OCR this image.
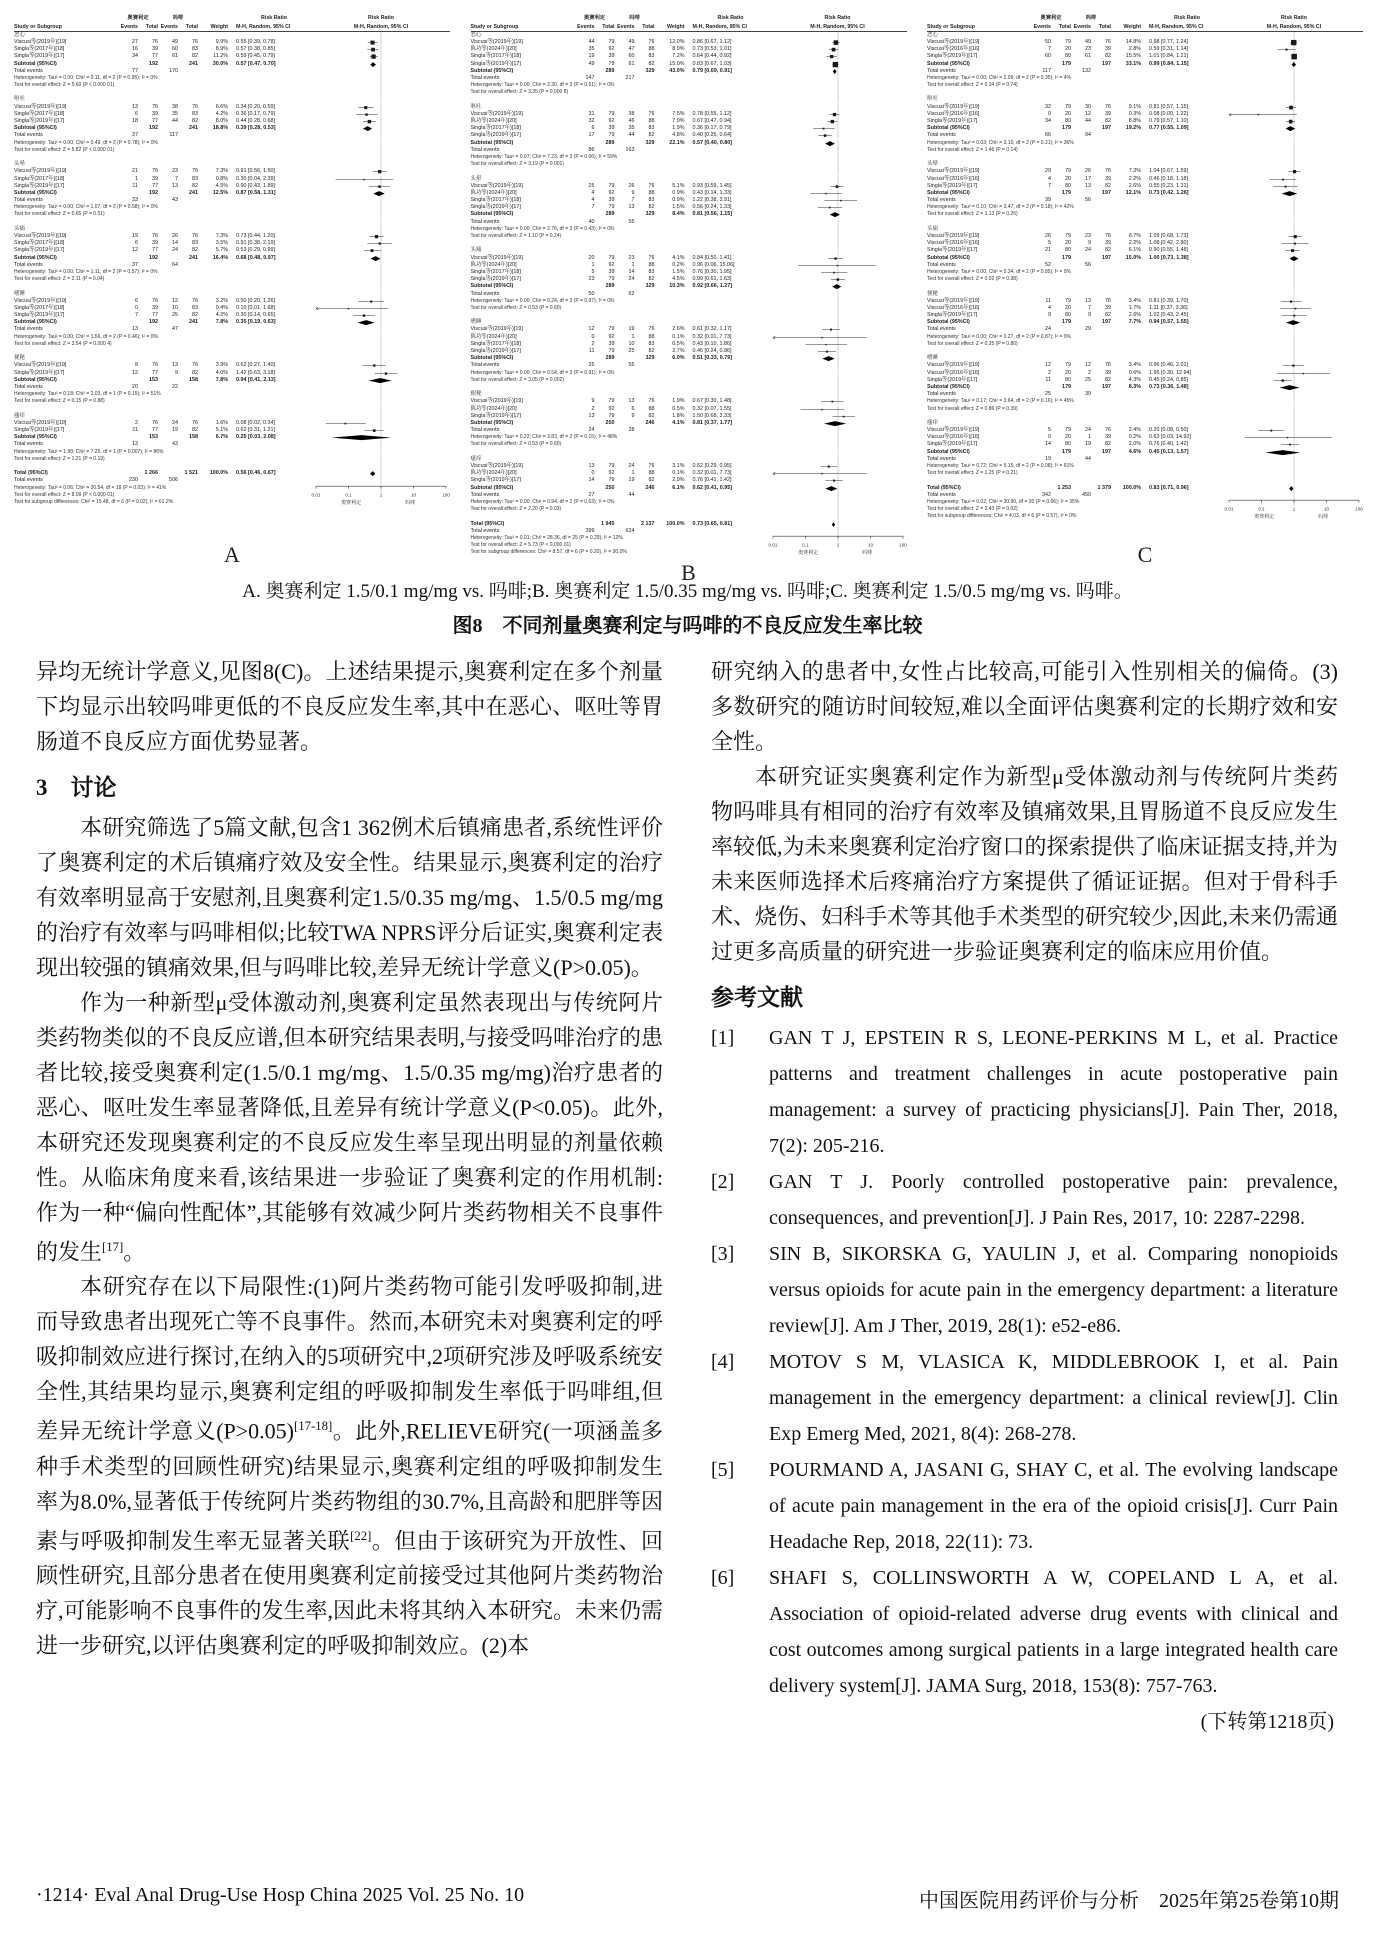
奥赛利定	吗啡	Risk Ratio	Risk Ratio
Study or Subgroup	Events	Total Events	Total	Weight	M-H, Random, 95% CI	M-H, Random, 95% CI
恶心
Viscusi等(2019年)[19]	27	76	49	76	9.9%	0.55 [0.39, 0.78]
Singla等(2017年)[18]	16	39	60	83	8.9%	0.57 [0.38, 0.85]
Singla等(2019年)[17]	34	77	61	82	11.2%	0.59 [0.45, 0.79]
Subtotal (95%CI)	192	241	30.0%	0.57 [0.47, 0.70]
Total events	77	170
Heterogeneity: Tau² = 0.00; Chi² = 0.11, df = 2 (P = 0.95); I² = 0%
Test for overall effect: Z = 5.60 (P < 0.000 01)
呕吐
Viscusi等(2019年)[19]	13	76	38	76	6.6%	0.34 [0.20, 0.59]
Singla等(2017年)[18]	6	39	35	83	4.2%	0.36 [0.17, 0.79]
Singla等(2019年)[17]	18	77	44	82	8.0%	0.44 [0.28, 0.68]
Subtotal (95%CI)	192	241	18.8%	0.39 [0.28, 0.53]
Total events	37	117
Heterogeneity: Tau² = 0.00; Chi² = 0.49, df = 2 (P = 0.78); I² = 0%
Test for overall effect: Z = 5.82 (P < 0.000 01)
头晕
Viscusi等(2019年)[19]	21	76	23	76	7.3%	0.91 [0.56, 1.50]
Singla等(2017年)[18]	1	39	7	83	0.8%	0.30 [0.04, 2.39]
Singla等(2019年)[17]	11	77	13	82	4.5%	0.90 [0.43, 1.89]
Subtotal (95%CI)	192	241	12.5%	0.87 [0.58, 1.31]
Total events	33	43
Heterogeneity: Tau² = 0.00; Chi² = 1.07, df = 2 (P = 0.58); I² = 0%
Test for overall effect: Z = 0.65 (P = 0.51)
头痛
Viscusi等(2019年)[19]	19	76	26	76	7.3%	0.73 [0.44, 1.20]
Singla等(2017年)[18]	6	39	14	83	3.5%	0.91 [0.38, 2.19]
Singla等(2019年)[17]	12	77	24	82	5.7%	0.53 [0.29, 0.99]
Subtotal (95%CI)	192	241	16.4%	0.68 [0.48, 0.97]
Total events	37	64
Heterogeneity: Tau² = 0.00; Chi² = 1.11, df = 2 (P = 0.57); I² = 0%
Test for overall effect: Z = 2.11 (P = 0.04)
嗜睡
Viscusi等(2019年)[19]	6	76	12	76	3.2%	0.50 [0.20, 1.26]
Singla等(2017年)[18]	0	39	10	83	0.4%	0.10 [0.01, 1.68]
Singla等(2019年)[17]	7	77	25	82	4.2%	0.30 [0.14, 0.65]
Subtotal (95%CI)	192	241	7.8%	0.35 [0.19, 0.63]
Total events	13	47
Heterogeneity: Tau² = 0.00; Chi² = 1.56, df = 2 (P = 0.46); I² = 0%
Test for overall effect: Z = 3.54 (P = 0.000 4)
便秘
Viscusi等(2019年)[19]	8	76	13	76	3.9%	0.62 [0.27, 1.40]
Singla等(2019年)[17]	12	77	9	82	4.0%	1.42 [0.63, 3.18]
Subtotal (95%CI)	153	158	7.8%	0.94 [0.41, 2.13]
Total events	20	22
Heterogeneity: Tau² = 0.18; Chi² = 2.03, df = 1 (P = 0.15); I² = 51%
Test for overall effect: Z = 0.15 (P = 0.88)
瘙痒
Viscusi等(2019年)[19]	2	76	24	76	1.6%	0.08 [0.02, 0.34]
Singla等(2019年)[17]	11	77	19	82	5.1%	0.62 [0.31, 1.21]
Subtotal (95%CI)	153	158	6.7%	0.25 [0.03, 2.08]
Total events	13	43
Heterogeneity: Tau² = 1.98; Chi² = 7.25, df = 1 (P = 0.007); I² = 86%
Test for overall effect: Z = 1.21 (P = 0.19)
Total (95%CI)	1 266	1 521	100.0%	0.56 [0.46, 0.67]
Total events	230	506
Heterogeneity: Tau² = 0.06; Chi² = 30.54, df = 18 (P = 0.03); I² = 41%
Test for overall effect: Z = 8.09 (P < 0.000 01)	0.01	0.1	1	10	100
Test for subgroup differences: Chi² = 15.48, df = 6 (P = 0.02), I² = 61.2%	奥赛利定	吗啡
A
奥赛利定	吗啡	Risk Ratio	Risk Ratio
Study or Subgroup	Events	Total Events	Total	Weight	M-H, Random, 95% CI	M-H, Random, 95% CI
恶心
Viscusi等(2019年)[19]	44	79	49	76	12.0%	0.86 [0.67, 1.12]
陈功等(2024年)[20]	35	92	47	88	8.9%	0.73 [0.53, 1.01]
Singla等(2017年)[18]	19	39	60	83	7.2%	0.64 [0.44, 0.92]
Singla等(2019年)[17]	49	79	61	82	15.0%	0.83 [0.67, 1.03]
Subtotal (95%CI)	289	329	43.0%	0.79 [0.69, 0.91]
Total events	147	217
Heterogeneity: Tau² = 0.00; Chi² = 2.30, df = 3 (P = 0.51); I² = 0%
Test for overall effect: Z = 3.35 (P = 0.000 8)
呕吐
Viscusi等(2019年)[19]	31	79	38	76	7.5%	0.78 [0.55, 1.12]
陈功等(2024年)[20]	32	92	46	88	7.9%	0.67 [0.47, 0.94]
Singla等(2017年)[18]	6	39	35	83	1.9%	0.36 [0.17, 0.79]
Singla等(2019年)[17]	17	79	44	82	4.8%	0.40 [0.25, 0.64]
Subtotal (95%CI)	289	329	22.1%	0.57 [0.40, 0.80]
Total events	86	163
Heterogeneity: Tau² = 0.07; Chi² = 7.23, df = 3 (P = 0.06); I² = 59%
Test for overall effect: Z = 3.19 (P = 0.001)
头晕
Viscusi等(2019年)[19]	25	79	26	76	5.1%	0.93 [0.59, 1.45]
陈功等(2024年)[20]	4	92	9	88	0.9%	0.43 [0.14, 1.33]
Singla等(2017年)[18]	4	39	7	83	0.9%	1.22 [0.38, 3.91]
Singla等(2019年)[17]	7	79	13	82	1.5%	0.56 [0.24, 1.33]
Subtotal (95%CI)	289	329	8.4%	0.81 [0.56, 1.15]
Total events	40	55
Heterogeneity: Tau² = 0.00; Chi² = 2.76, df = 3 (P = 0.43); I² = 0%
Test for overall effect: Z = 1.10 (P = 0.24)
头痛
Viscusi等(2019年)[19]	20	79	23	76	4.1%	0.84 [0.50, 1.41]
陈功等(2024年)[20]	1	92	1	88	0.2%	0.96 [0.06, 15.06]
Singla等(2017年)[18]	5	39	14	83	1.5%	0.76 [0.30, 1.95]
Singla等(2019年)[17]	23	79	24	82	4.5%	0.99 [0.61, 1.63]
Subtotal (95%CI)	289	329	10.3%	0.92 [0.66, 1.27]
Total events	50	62
Heterogeneity: Tau² = 0.00; Chi² = 0.24, df = 3 (P = 0.97); I² = 0%
Test for overall effect: Z = 0.53 (P = 0.60)
嗜睡
Viscusi等(2019年)[19]	12	79	19	76	2.6%	0.61 [0.32, 1.17]
陈功等(2024年)[20]	0	92	1	88	0.1%	0.32 [0.01, 7.73]
Singla等(2017年)[18]	2	39	10	83	0.5%	0.43 [0.10, 1.86]
Singla等(2019年)[17]	11	79	25	82	2.7%	0.46 [0.24, 0.86]
Subtotal (95%CI)	289	329	6.0%	0.51 [0.33, 0.79]
Total events	25	55
Heterogeneity: Tau² = 0.00; Chi² = 0.54, df = 3 (P = 0.91); I² = 0%
Test for overall effect: Z = 3.05 (P = 0.002)
便秘
Viscusi等(2019年)[19]	9	79	13	76	1.9%	0.67 [0.30, 1.48]
陈功等(2024年)[20]	2	92	6	88	0.5%	0.32 [0.07, 1.55]
Singla等(2019年)[17]	13	79	9	82	1.8%	1.50 [0.68, 3.33]
Subtotal (95%CI)	250	246	4.1%	0.81 [0.37, 1.77]
Total events	24	28
Heterogeneity: Tau² = 0.22; Chi² = 3.83, df = 2 (P = 0.15); I² = 48%
Test for overall effect: Z = 0.53 (P = 0.60)
瘙痒
Viscusi等(2019年)[19]	13	79	24	76	3.1%	0.52 [0.29, 0.95]
陈功等(2024年)[20]	0	92	1	88	0.1%	0.32 [0.01, 7.73]
Singla等(2019年)[17]	14	79	19	82	2.9%	0.76 [0.41, 1.42]
Subtotal (95%CI)	250	246	6.1%	0.62 [0.41, 0.95]
Total events	27	44
Heterogeneity: Tau² = 0.00; Chi² = 0.94, df = 2 (P = 0.63); I² = 0%
Test for overall effect: Z = 2.20 (P = 0.03)
Total (95%CI)	1 945	2 137	100.0%	0.73 [0.65, 0.81]
Total events	399	624
Heterogeneity: Tau² = 0.01; Chi² = 28.36, df = 25 (P = 0.29); I² = 12%
Test for overall effect: Z = 5.73 (P < 0.000 01)	0.01	0.1	1	10	100
Test for subgroup differences: Chi² = 8.57, df = 6 (P = 0.20), I² = 30.0%	奥赛利定	吗啡
B
奥赛利定	吗啡	Risk Ratio	Risk Ratio
Study or Subgroup	Events	Total Events	Total	Weight	M-H, Random, 95% CI	M-H, Random, 95% CI
恶心
Viscusi等(2019年)[19]	50	79	49	76	14.8%	0.98 [0.77, 1.24]
Viscusi等(2016年)[16]	7	20	23	39	2.8%	0.59 [0.31, 1.14]
Singla等(2019年)[17]	60	80	61	82	15.5%	1.01 [0.84, 1.21]
Subtotal (95%CI)	179	197	33.1%	0.99 [0.84, 1.15]
Total events	117	132
Heterogeneity: Tau² = 0.00; Chi² = 2.09, df = 2 (P = 0.35); I² = 4%
Test for overall effect: Z = 0.34 (P = 0.74)
呕吐
Viscusi等(2019年)[19]	32	79	30	76	9.1%	0.81 [0.57, 1.15]
Viscusi等(2016年)[16]	0	20	12	39	0.3%	0.08 [0.00, 1.22]
Singla等(2019年)[17]	34	80	44	82	8.8%	0.79 [0.57, 1.10]
Subtotal (95%CI)	179	197	19.2%	0.77 [0.55, 1.09]
Total events	66	94
Heterogeneity: Tau² = 0.03; Chi² = 3.10, df = 2 (P = 0.21); I² = 36%
Test for overall effect: Z = 1.46 (P = 0.14)
头晕
Viscusi等(2019年)[19]	29	79	26	76	7.3%	1.04 [0.67, 1.59]
Viscusi等(2016年)[16]	4	20	17	39	2.2%	0.46 [0.18, 1.18]
Singla等(2019年)[17]	7	80	13	82	2.6%	0.55 [0.23, 1.31]
Subtotal (95%CI)	179	197	12.1%	0.73 [0.42, 1.26]
Total events	39	56
Heterogeneity: Tau² = 0.10; Chi² = 3.47, df = 2 (P = 0.18); I² = 42%
Test for overall effect: Z = 1.13 (P = 0.26)
头痛
Viscusi等(2019年)[19]	26	79	23	76	6.7%	1.09 [0.68, 1.73]
Viscusi等(2016年)[16]	5	20	9	39	2.2%	1.08 [0.42, 2.80]
Singla等(2019年)[17]	21	80	24	82	6.1%	0.90 [0.55, 1.48]
Subtotal (95%CI)	179	197	15.0%	1.00 [0.73, 1.38]
Total events	52	56
Heterogeneity: Tau² = 0.00; Chi² = 0.34, df = 2 (P = 0.85); I² = 0%
Test for overall effect: Z = 0.02 (P = 0.98)
便秘
Viscusi等(2019年)[19]	11	79	13	76	3.4%	0.81 [0.39, 1.70]
Viscusi等(2016年)[16]	4	20	7	39	1.7%	1.11 [0.37, 3.36]
Singla等(2019年)[17]	9	80	9	82	2.6%	1.02 [0.43, 2.45]
Subtotal (95%CI)	179	197	7.7%	0.94 [0.57, 1.55]
Total events	24	29
Heterogeneity: Tau² = 0.00; Chi² = 0.27, df = 2 (P = 0.87); I² = 0%
Test for overall effect: Z = 0.25 (P = 0.80)
嗜睡
Viscusi等(2019年)[19]	12	79	12	76	3.4%	0.96 [0.46, 2.01]
Viscusi等(2016年)[16]	2	20	2	39	0.6%	1.95 [0.30, 12.94]
Singla等(2019年)[17]	11	80	25	82	4.3%	0.45 [0.24, 0.85]
Subtotal (95%CI)	179	197	8.3%	0.73 [0.36, 1.48]
Total events	25	39
Heterogeneity: Tau² = 0.17; Chi² = 3.64, df = 2 (P = 0.16); I² = 45%
Test for overall effect: Z = 0.86 (P = 0.39)
瘙痒
Viscusi等(2019年)[19]	5	79	24	76	2.4%	0.20 [0.08, 0.50]
Viscusi等(2016年)[16]	0	20	1	39	0.2%	0.63 [0.03, 14.92]
Singla等(2019年)[17]	14	80	19	82	2.0%	0.76 [0.40, 1.42]
Subtotal (95%CI)	179	197	4.6%	0.45 [0.13, 1.57]
Total events	19	44
Heterogeneity: Tau² = 0.72; Chi² = 5.15, df = 2 (P = 0.08); I² = 61%
Test for overall effect: Z = 1.25 (P = 0.21)
Total (95%CI)	1 253	1 379	100.0%	0.83 [0.71, 0.96]
Total events	342	450
Heterogeneity: Tau² = 0.02; Chi² = 30.90, df = 20 (P = 0.06); I² = 35%
Test for overall effect: Z = 2.43 (P = 0.02)	0.01	0.1	1	10	100
Test for subgroup differences: Chi² = 4.03, df = 6 (P = 0.57), I² = 0%	奥赛利定	吗啡
C
A. 奥赛利定 1.5/0.1 mg/mg vs. 吗啡;B. 奥赛利定 1.5/0.35 mg/mg vs. 吗啡;C. 奥赛利定 1.5/0.5 mg/mg vs. 吗啡。
图8　不同剂量奥赛利定与吗啡的不良反应发生率比较
异均无统计学意义,见图8(C)。上述结果提示,奥赛利定在多个剂量下均显示出较吗啡更低的不良反应发生率,其中在恶心、呕吐等胃肠道不良反应方面优势显著。
3　讨论
本研究筛选了5篇文献,包含1 362例术后镇痛患者,系统性评价了奥赛利定的术后镇痛疗效及安全性。结果显示,奥赛利定的治疗有效率明显高于安慰剂,且奥赛利定1.5/0.35 mg/mg、1.5/0.5 mg/mg的治疗有效率与吗啡相似;比较TWA NPRS评分后证实,奥赛利定表现出较强的镇痛效果,但与吗啡比较,差异无统计学意义(P>0.05)。
作为一种新型μ受体激动剂,奥赛利定虽然表现出与传统阿片类药物类似的不良反应谱,但本研究结果表明,与接受吗啡治疗的患者比较,接受奥赛利定(1.5/0.1 mg/mg、1.5/0.35 mg/mg)治疗患者的恶心、呕吐发生率显著降低,且差异有统计学意义(P<0.05)。此外,本研究还发现奥赛利定的不良反应发生率呈现出明显的剂量依赖性。从临床角度来看,该结果进一步验证了奥赛利定的作用机制:作为一种“偏向性配体”,其能够有效减少阿片类药物相关不良事件的发生[17]。
本研究存在以下局限性:(1)阿片类药物可能引发呼吸抑制,进而导致患者出现死亡等不良事件。然而,本研究未对奥赛利定的呼吸抑制效应进行探讨,在纳入的5项研究中,2项研究涉及呼吸系统安全性,其结果均显示,奥赛利定组的呼吸抑制发生率低于吗啡组,但差异无统计学意义(P>0.05)[17-18]。此外,RELIEVE研究(一项涵盖多种手术类型的回顾性研究)结果显示,奥赛利定组的呼吸抑制发生率为8.0%,显著低于传统阿片类药物组的30.7%,且高龄和肥胖等因素与呼吸抑制发生率无显著关联[22]。但由于该研究为开放性、回顾性研究,且部分患者在使用奥赛利定前接受过其他阿片类药物治疗,可能影响不良事件的发生率,因此未将其纳入本研究。未来仍需进一步研究,以评估奥赛利定的呼吸抑制效应。(2)本
研究纳入的患者中,女性占比较高,可能引入性别相关的偏倚。(3)多数研究的随访时间较短,难以全面评估奥赛利定的长期疗效和安全性。
本研究证实奥赛利定作为新型μ受体激动剂与传统阿片类药物吗啡具有相同的治疗有效率及镇痛效果,且胃肠道不良反应发生率较低,为未来奥赛利定治疗窗口的探索提供了临床证据支持,并为未来医师选择术后疼痛治疗方案提供了循证证据。但对于骨科手术、烧伤、妇科手术等其他手术类型的研究较少,因此,未来仍需通过更多高质量的研究进一步验证奥赛利定的临床应用价值。
参考文献
[1]	GAN T J, EPSTEIN R S, LEONE-PERKINS M L, et al. Practice patterns and treatment challenges in acute postoperative pain management: a survey of practicing physicians[J]. Pain Ther, 2018, 7(2): 205-216.
[2]	GAN T J. Poorly controlled postoperative pain: prevalence, consequences, and prevention[J]. J Pain Res, 2017, 10: 2287-2298.
[3]	SIN B, SIKORSKA G, YAULIN J, et al. Comparing nonopioids versus opioids for acute pain in the emergency department: a literature review[J]. Am J Ther, 2019, 28(1): e52-e86.
[4]	MOTOV S M, VLASICA K, MIDDLEBROOK I, et al. Pain management in the emergency department: a clinical review[J]. Clin Exp Emerg Med, 2021, 8(4): 268-278.
[5]	POURMAND A, JASANI G, SHAY C, et al. The evolving landscape of acute pain management in the era of the opioid crisis[J]. Curr Pain Headache Rep, 2018, 22(11): 73.
[6]	SHAFI S, COLLINSWORTH A W, COPELAND L A, et al. Association of opioid-related adverse drug events with clinical and cost outcomes among surgical patients in a large integrated health care delivery system[J]. JAMA Surg, 2018, 153(8): 757-763.
(下转第1218页)
·1214· Eval Anal Drug-Use Hosp China 2025 Vol. 25 No. 10	中国医院用药评价与分析　2025年第25卷第10期
